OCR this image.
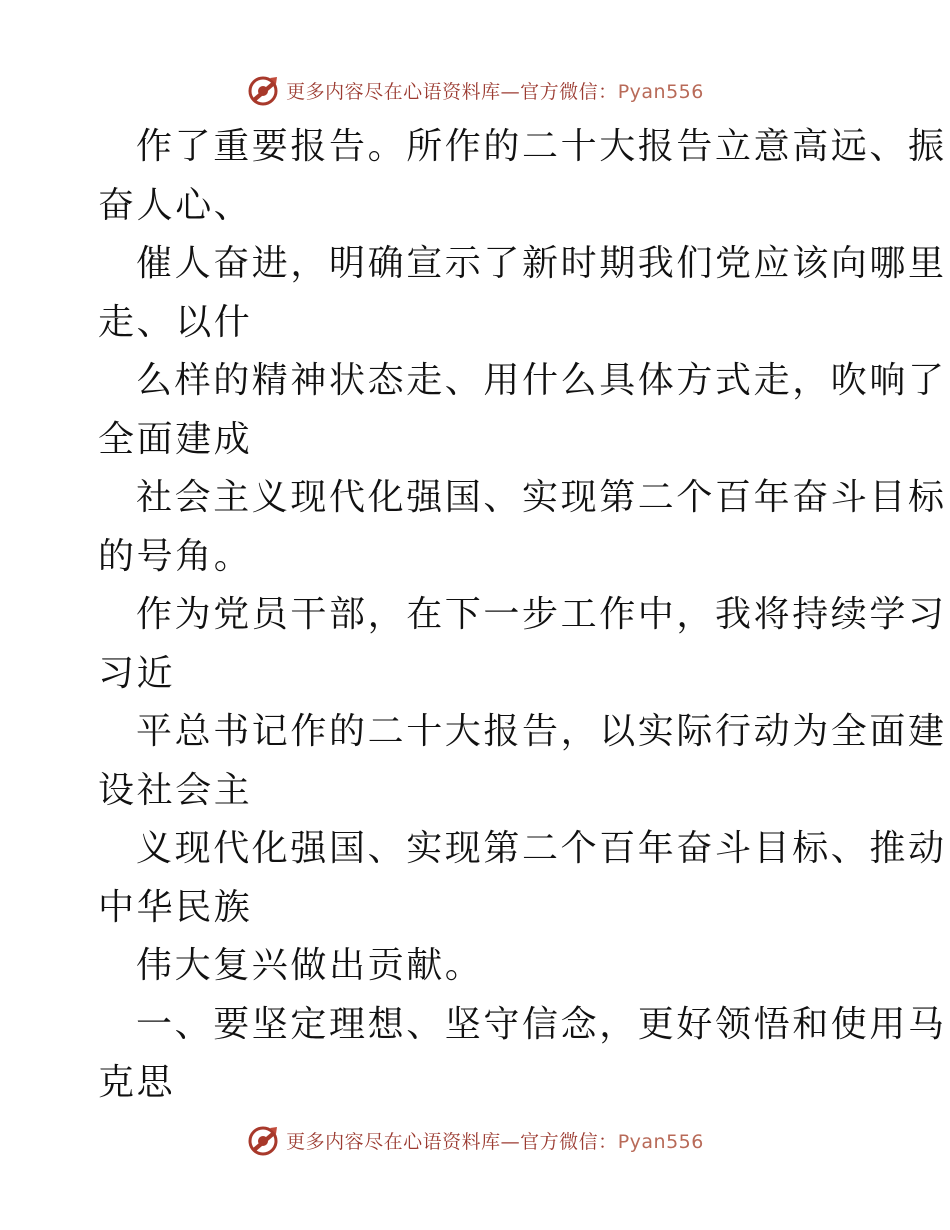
更多内容尽在心语资料库—官方微信：Pyan556
作了重要报告。所作的二十大报告立意高远、振
奋人心、
催人奋进，明确宣示了新时期我们党应该向哪里
走、以什
么样的精神状态走、用什么具体方式走，吹响了
全面建成
社会主义现代化强国、实现第二个百年奋斗目标
的号角。
作为党员干部，在下一步工作中，我将持续学习
习近
平总书记作的二十大报告，以实际行动为全面建
设社会主
义现代化强国、实现第二个百年奋斗目标、推动
中华民族
伟大复兴做出贡献。
一、要坚定理想、坚守信念，更好领悟和使用马
克思
更多内容尽在心语资料库—官方微信：Pyan556
